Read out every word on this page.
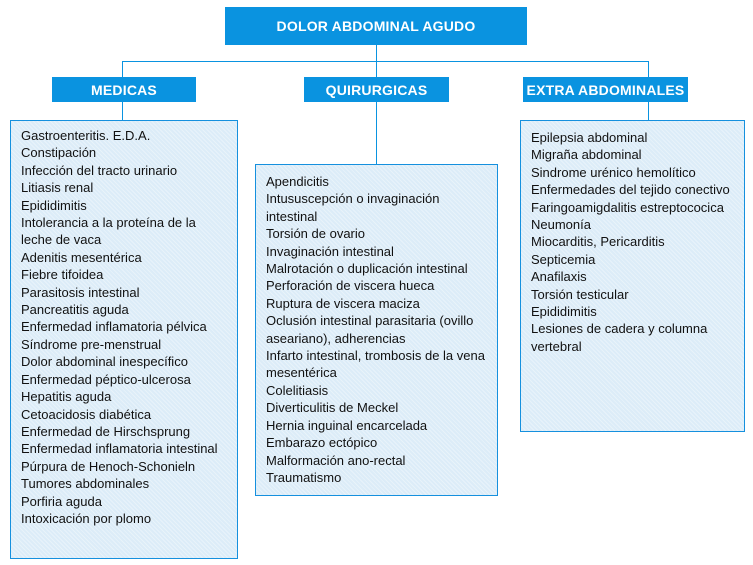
DOLOR ABDOMINAL AGUDO
MEDICAS	QUIRURGICAS	EXTRA ABDOMINALES
Gastroenteritis. E.D.A.
Constipación
Infección del tracto urinario
Litiasis renal
Epididimitis
Intolerancia a la proteína de la leche de vaca
Adenitis mesentérica
Fiebre tifoidea
Parasitosis intestinal
Pancreatitis aguda
Enfermedad inflamatoria pélvica
Síndrome pre-menstrual
Dolor abdominal inespecífico
Enfermedad péptico-ulcerosa
Hepatitis aguda
Cetoacidosis diabética
Enfermedad de Hirschsprung
Enfermedad inflamatoria intestinal
Púrpura de Henoch-Schonieln
Tumores abdominales
Porfiria aguda
Intoxicación por plomo
Apendicitis
Intususcepción o invaginación intestinal
Torsión de ovario
Invaginación intestinal
Malrotación o duplicación intestinal
Perforación de viscera hueca
Ruptura de viscera maciza
Oclusión intestinal parasitaria (ovillo aseariano), adherencias
Infarto intestinal, trombosis de la vena mesentérica
Colelitiasis
Diverticulitis de Meckel
Hernia inguinal encarcelada
Embarazo ectópico
Malformación ano-rectal
Traumatismo
Epilepsia abdominal
Migraña abdominal
Sindrome urénico hemolítico
Enfermedades del tejido conectivo
Faringoamigdalitis estreptococica
Neumonía
Miocarditis, Pericarditis
Septicemia
Anafilaxis
Torsión testicular
Epididimitis
Lesiones de cadera y columna vertebral
